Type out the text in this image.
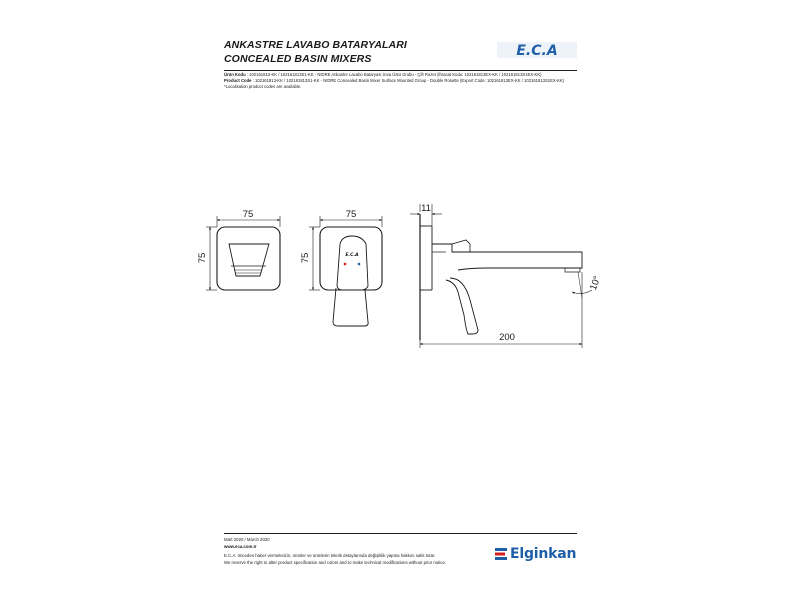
ANKASTRE LAVABO BATARYALARI
CONCEALED BASIN MIXERS	E.C.A
Ürün Kodu : 102161813-KK / 102161813S1-KK - NIDRE Ankastre Lavabo Bataryası Sıva Üstü Grubu - Çift Rozet (İhracat Kodu: 102161813EX-KK / 102161813S1EX-KK)
Product Code : 102161813-KK / 102161813S1-KK - NIDRE Concealed Basin Mixer Surface Mounted Group - Double Rosette (Export Code: 102161813EX-KK / 102161813S1EX-KK)
*Localisation product codes are available.
75
75	E.C.A
75
75
11
200
10°
Mart 2020 / March 2020
www.eca.com.tr
E.C.A. önceden haber vermeksizin, ürünler ve ürünlerin teknik detaylarında değişiklik yapma hakkını saklı tutar.
We reserve the right to alter product specification and colors and to make technical modifications without prior notice.
Elginkan
